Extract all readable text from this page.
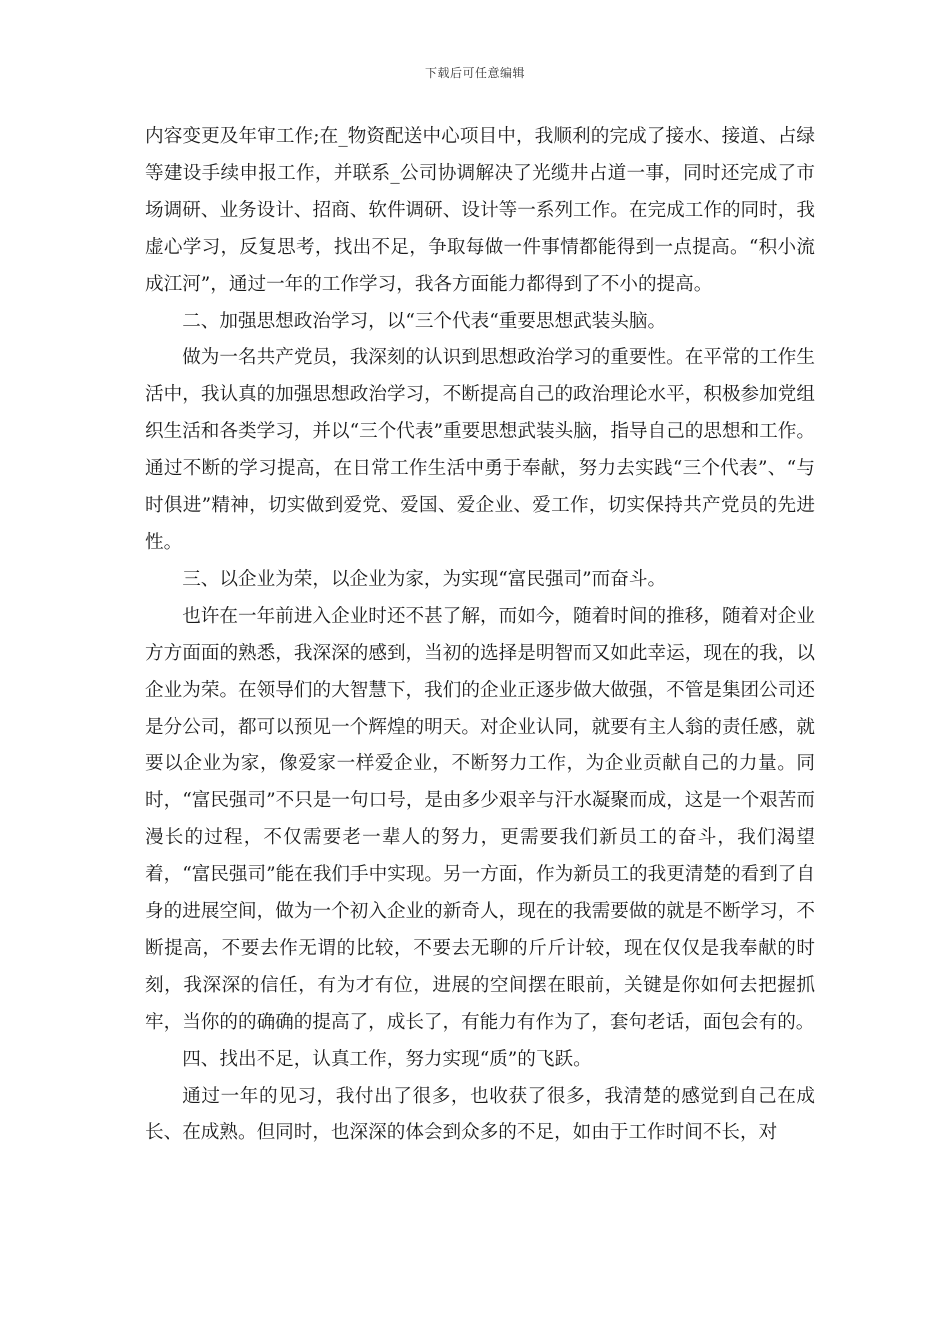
下载后可任意编辑

内容变更及年审工作;在_物资配送中心项目中，我顺利的完成了接水、接道、占绿等建设手续申报工作，并联系_公司协调解决了光缆井占道一事，同时还完成了市场调研、业务设计、招商、软件调研、设计等一系列工作。在完成工作的同时，我虚心学习，反复思考，找出不足，争取每做一件事情都能得到一点提高。“积小流成江河”，通过一年的工作学习，我各方面能力都得到了不小的提高。

二、加强思想政治学习，以“三个代表“重要思想武装头脑。

做为一名共产党员，我深刻的认识到思想政治学习的重要性。在平常的工作生活中，我认真的加强思想政治学习，不断提高自己的政治理论水平，积极参加党组织生活和各类学习，并以“三个代表”重要思想武装头脑，指导自己的思想和工作。通过不断的学习提高，在日常工作生活中勇于奉献，努力去实践“三个代表”、“与时俱进”精神，切实做到爱党、爱国、爱企业、爱工作，切实保持共产党员的先进性。

三、以企业为荣，以企业为家，为实现“富民强司”而奋斗。

也许在一年前进入企业时还不甚了解，而如今，随着时间的推移，随着对企业方方面面的熟悉，我深深的感到，当初的选择是明智而又如此幸运，现在的我，以企业为荣。在领导们的大智慧下，我们的企业正逐步做大做强，不管是集团公司还是分公司，都可以预见一个辉煌的明天。对企业认同，就要有主人翁的责任感，就要以企业为家，像爱家一样爱企业，不断努力工作，为企业贡献自己的力量。同时，“富民强司”不只是一句口号，是由多少艰辛与汗水凝聚而成，这是一个艰苦而漫长的过程，不仅需要老一辈人的努力，更需要我们新员工的奋斗，我们渴望着，“富民强司”能在我们手中实现。另一方面，作为新员工的我更清楚的看到了自身的进展空间，做为一个初入企业的新奇人，现在的我需要做的就是不断学习，不断提高，不要去作无谓的比较，不要去无聊的斤斤计较，现在仅仅是我奉献的时刻，我深深的信任，有为才有位，进展的空间摆在眼前，关键是你如何去把握抓牢，当你的的确确的提高了，成长了，有能力有作为了，套句老话，面包会有的。

四、找出不足，认真工作，努力实现“质”的飞跃。

通过一年的见习，我付出了很多，也收获了很多，我清楚的感觉到自己在成长、在成熟。但同时，也深深的体会到众多的不足，如由于工作时间不长，对
